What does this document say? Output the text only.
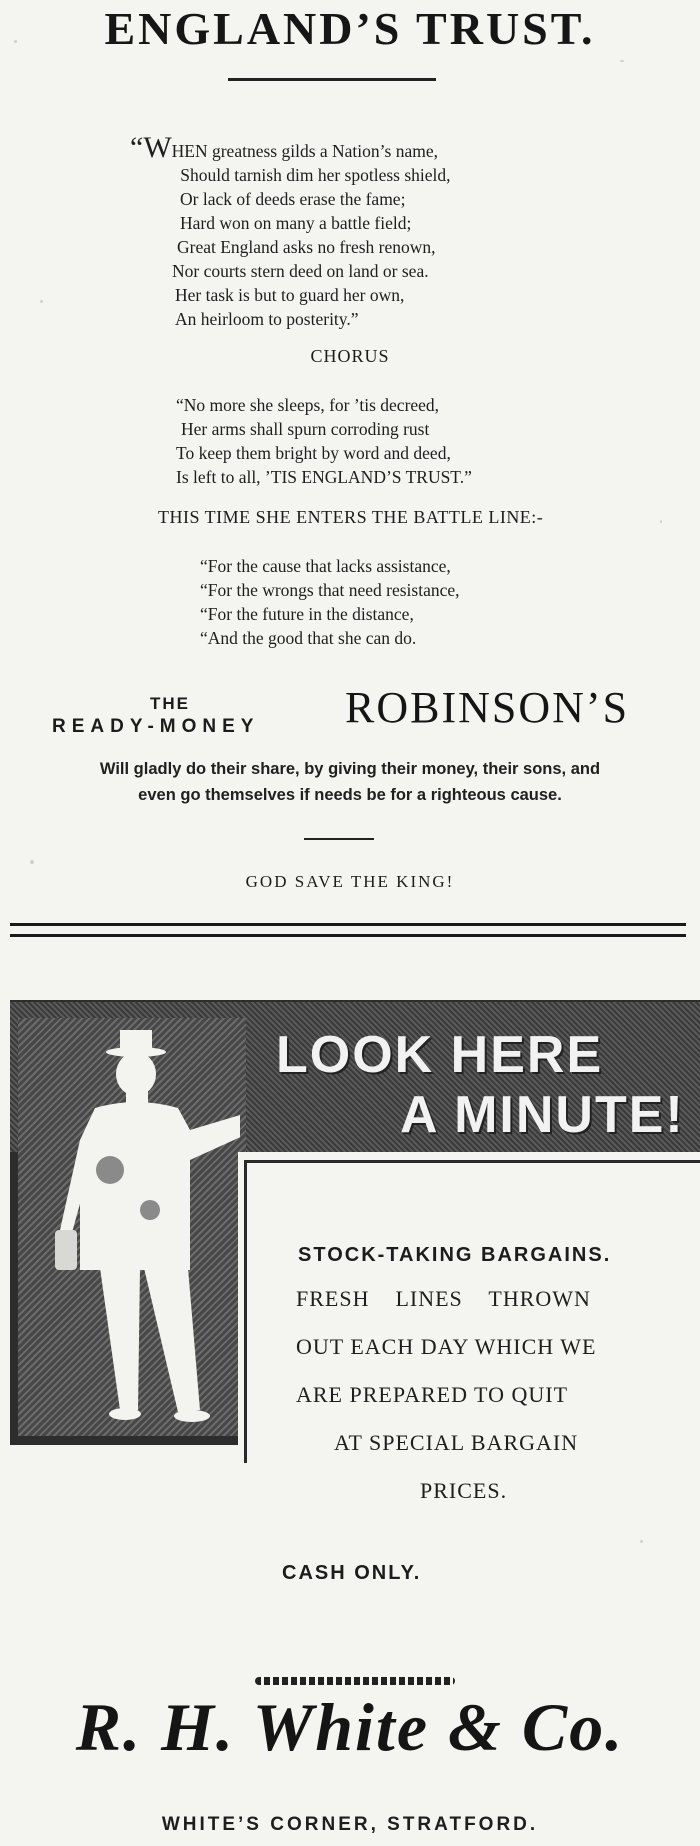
ENGLAND’S TRUST.
“WHEN greatness gilds a Nation’s name,
Should tarnish dim her spotless shield,
Or lack of deeds erase the fame;
Hard won on many a battle field;
Great England asks no fresh renown,
Nor courts stern deed on land or sea.
Her task is but to guard her own,
An heirloom to posterity.”
CHORUS
“No more she sleeps, for ’tis decreed,
Her arms shall spurn corroding rust
To keep them bright by word and deed,
Is left to all, ’TIS ENGLAND’S TRUST.”
THIS TIME SHE ENTERS THE BATTLE LINE:-
“For the cause that lacks assistance,
“For the wrongs that need resistance,
“For the future in the distance,
“And the good that she can do.
THE
READY-MONEY ROBINSON’S
Will gladly do their share, by giving their money, their sons, and
even go themselves if needs be for a righteous cause.
GOD SAVE THE KING!
LOOK HERE
A MINUTE!
STOCK-TAKING BARGAINS.
FRESH    LINES    THROWN
OUT EACH DAY WHICH WE
ARE PREPARED TO QUIT
AT SPECIAL BARGAIN
PRICES.
CASH ONLY.
R. H. White & Co.
WHITE’S CORNER, STRATFORD.
